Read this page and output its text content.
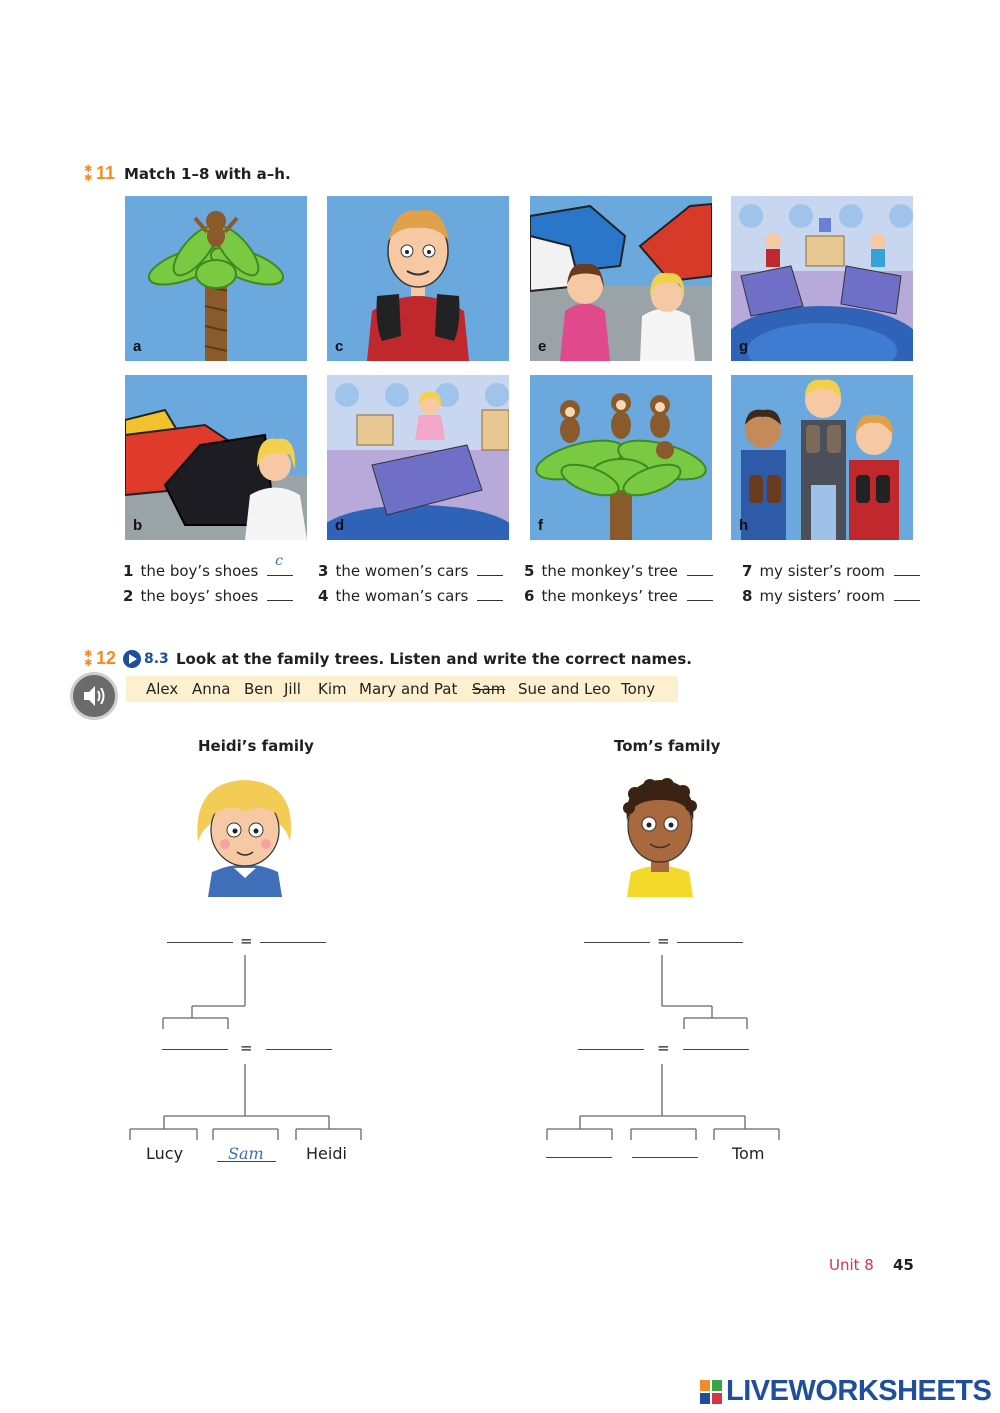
✱
✱ 11 Match 1–8 with a–h.
a	c	e	g
b	d	f	h
1 the boy’s shoes
c
2 the boys’ shoes
3 the women’s cars
4 the woman’s cars
5 the monkey’s tree
6 the monkeys’ tree
7 my sister’s room
8 my sisters’ room
✱
✱ 12 8.3 Look at the family trees. Listen and write the correct names.
Alex Anna Ben Jill Kim Mary and Pat Sam Sue and Leo Tony
Heidi’s family	Tom’s family
=
=
Lucy	Sam	Heidi
=
=
Tom
Unit 8 45
LIVEWORKSHEETS
